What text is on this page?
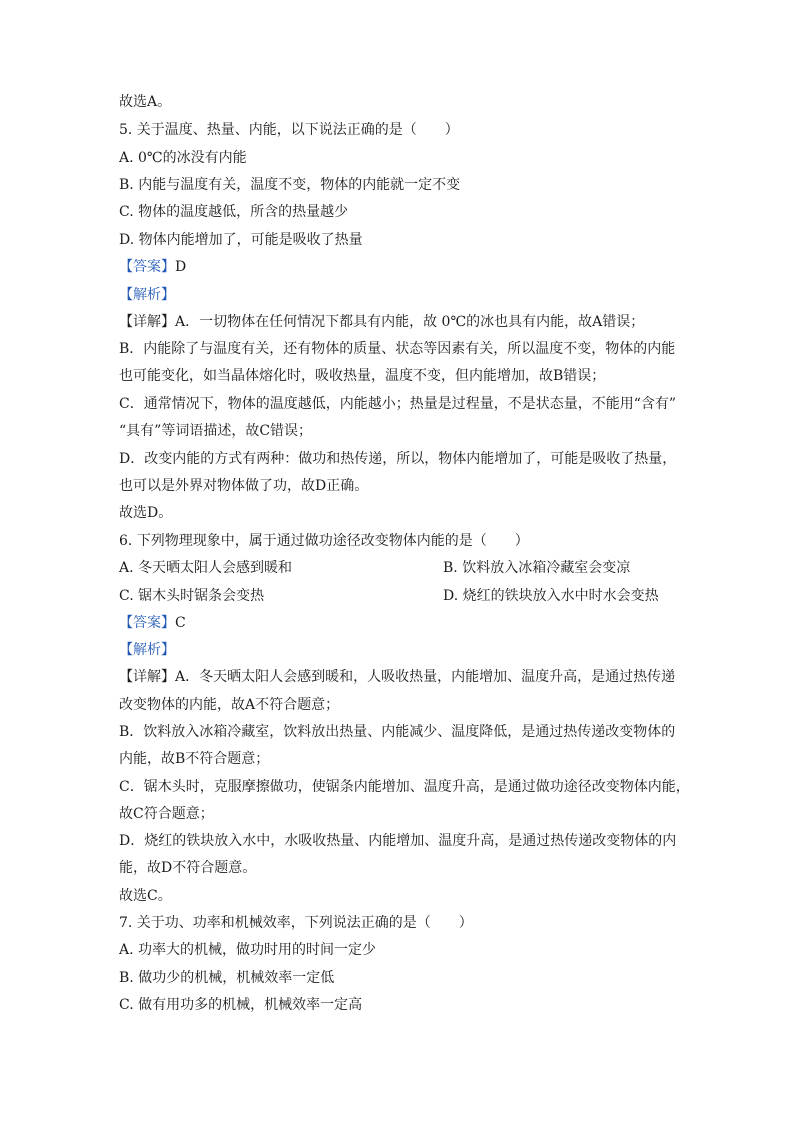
故选A。
5. 关于温度、热量、内能，以下说法正确的是（　　）
A. 0℃的冰没有内能
B. 内能与温度有关，温度不变，物体的内能就一定不变
C. 物体的温度越低，所含的热量越少
D. 物体内能增加了，可能是吸收了热量
【答案】D
【解析】
【详解】A．一切物体在任何情况下都具有内能，故 0℃的冰也具有内能，故A错误；
B．内能除了与温度有关，还有物体的质量、状态等因素有关，所以温度不变，物体的内能
也可能变化，如当晶体熔化时，吸收热量，温度不变，但内能增加，故B错误；
C．通常情况下，物体的温度越低，内能越小；热量是过程量，不是状态量，不能用“含有”
“具有”等词语描述，故C错误；
D．改变内能的方式有两种：做功和热传递，所以，物体内能增加了，可能是吸收了热量，
也可以是外界对物体做了功，故D正确。
故选D。
6. 下列物理现象中，属于通过做功途径改变物体内能的是（　　）
A. 冬天晒太阳人会感到暖和	B. 饮料放入冰箱冷藏室会变凉
C. 锯木头时锯条会变热	D. 烧红的铁块放入水中时水会变热
【答案】C
【解析】
【详解】A．冬天晒太阳人会感到暖和，人吸收热量，内能增加、温度升高，是通过热传递
改变物体的内能，故A不符合题意；
B．饮料放入冰箱冷藏室，饮料放出热量、内能减少、温度降低，是通过热传递改变物体的
内能，故B不符合题意；
C．锯木头时，克服摩擦做功，使锯条内能增加、温度升高，是通过做功途径改变物体内能，
故C符合题意；
D．烧红的铁块放入水中，水吸收热量、内能增加、温度升高，是通过热传递改变物体的内
能，故D不符合题意。
故选C。
7. 关于功、功率和机械效率，下列说法正确的是（　　）
A. 功率大的机械，做功时用的时间一定少
B. 做功少的机械，机械效率一定低
C. 做有用功多的机械，机械效率一定高
